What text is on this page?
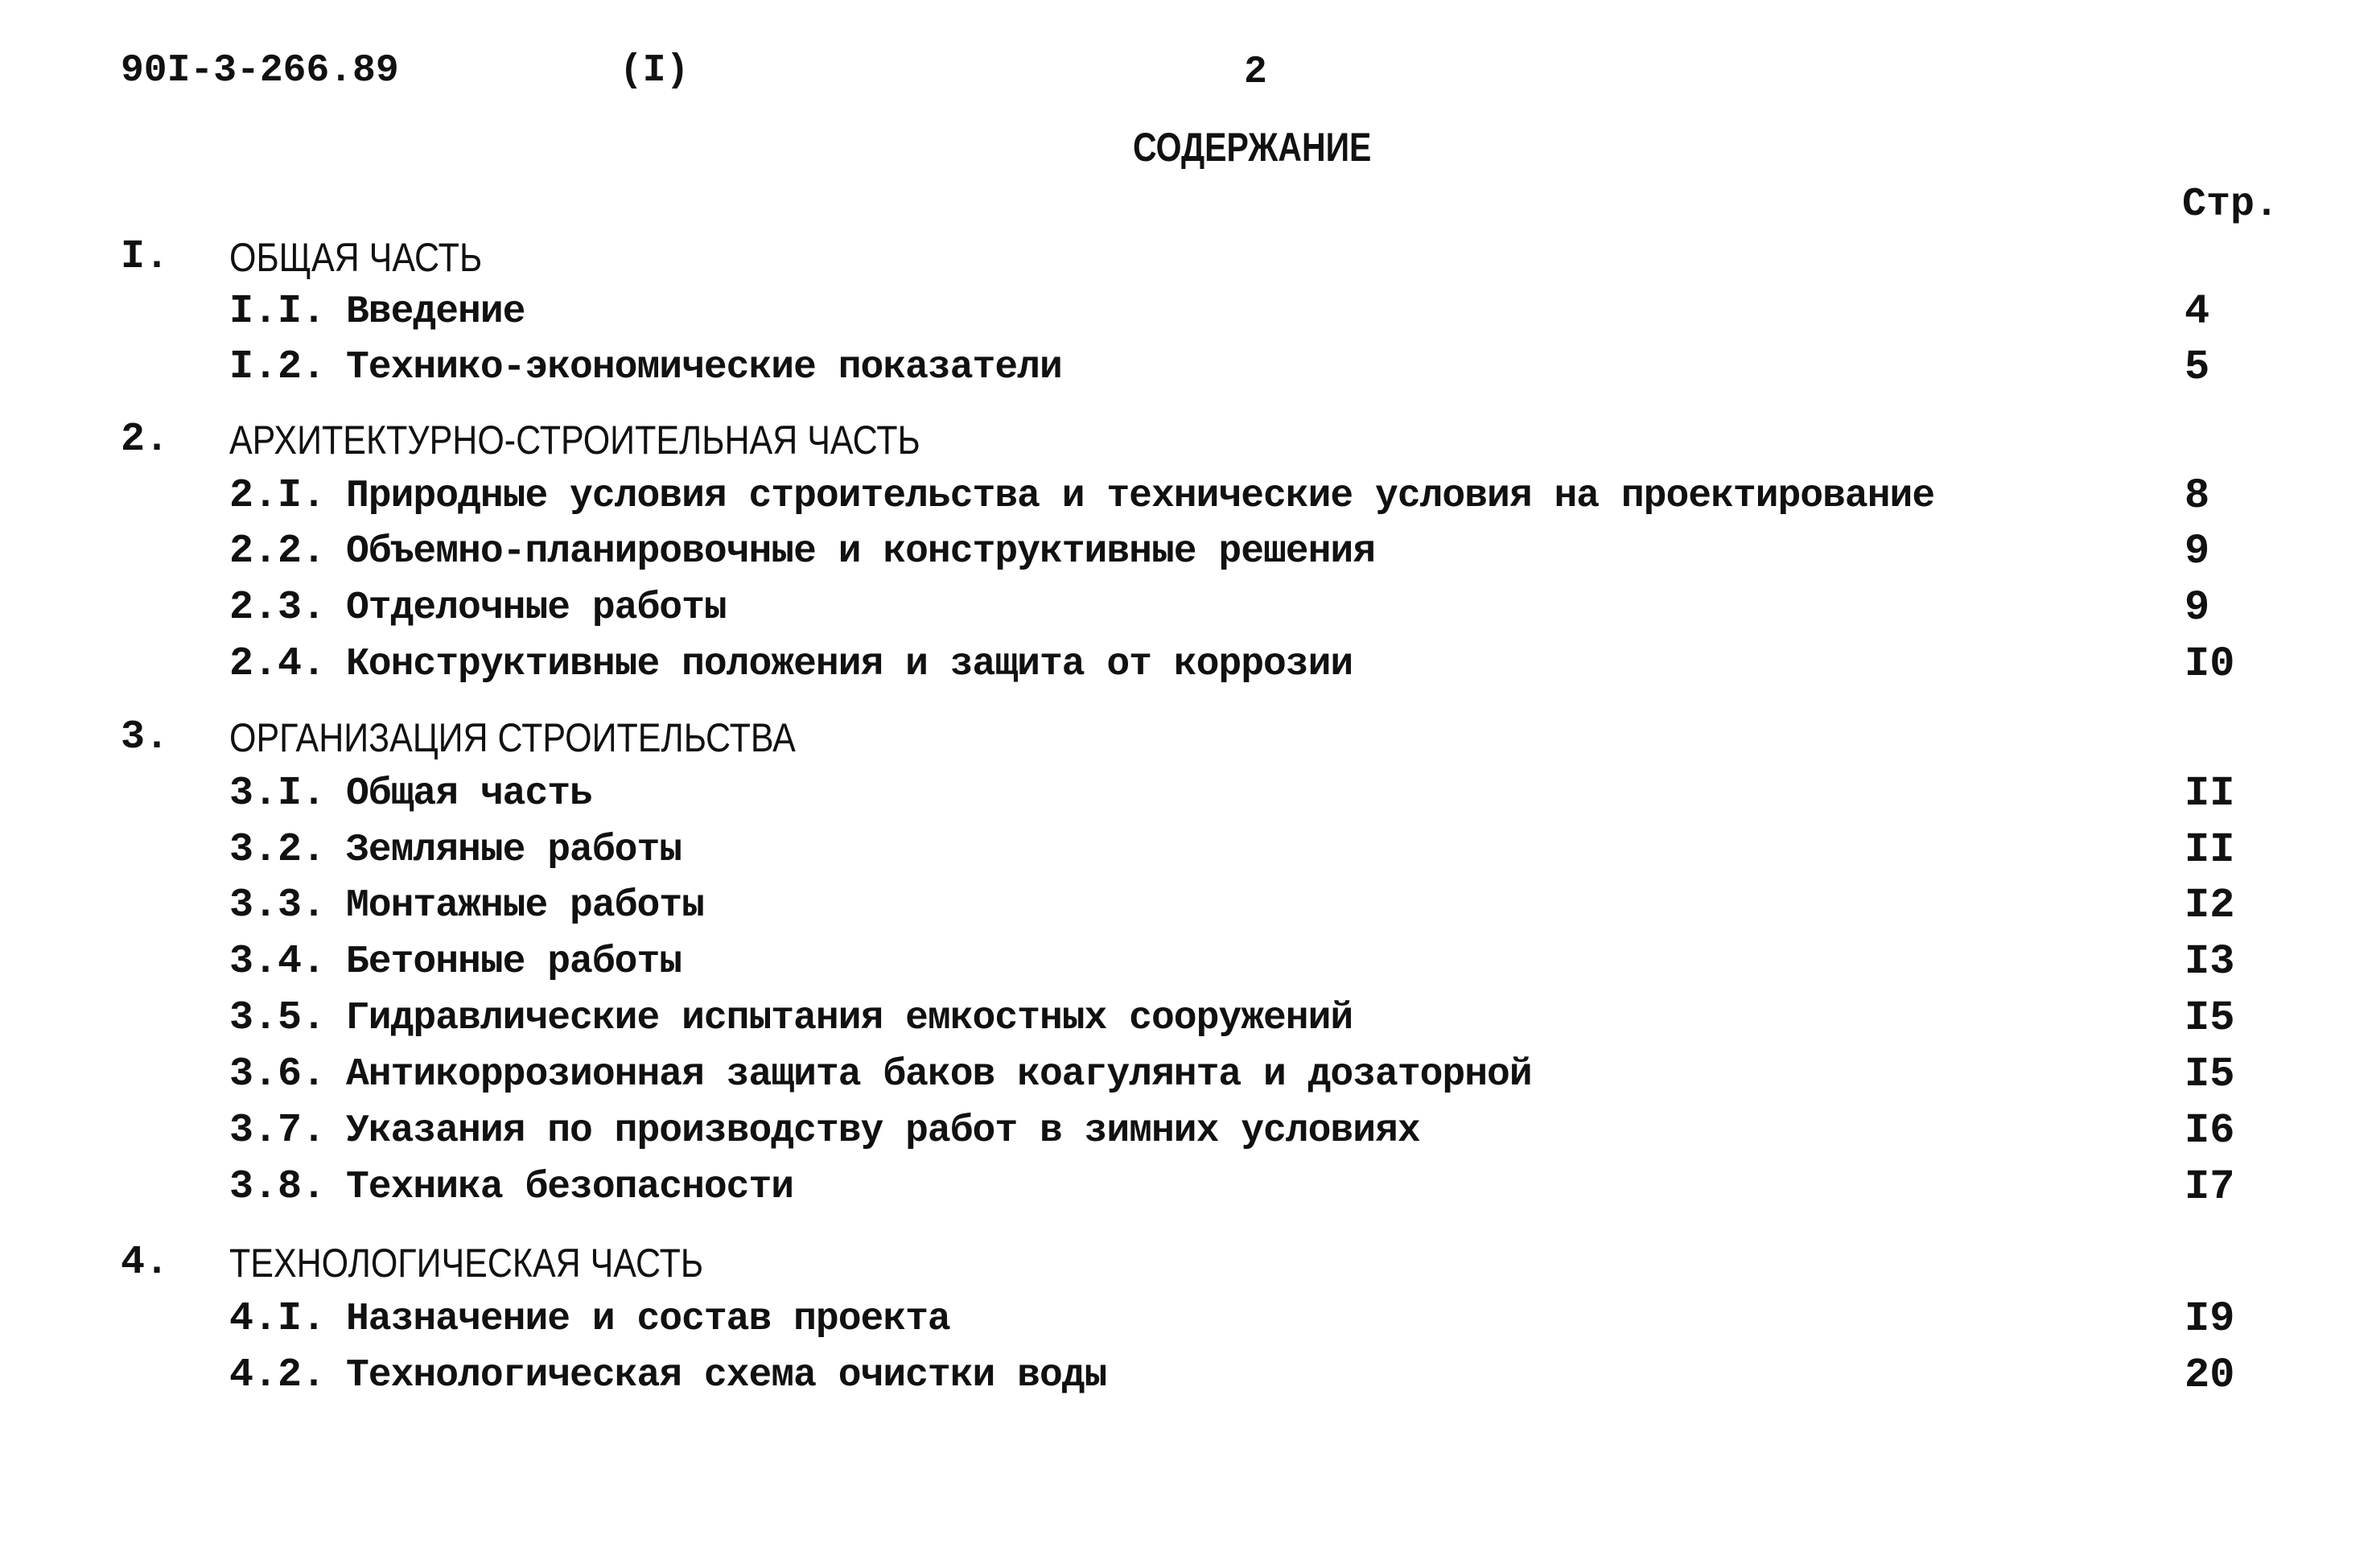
90I-3-266.89	(I)	2
СОДЕРЖАНИЕ
Стр.
I. ОБЩАЯ ЧАСТЬ
I.I. Введение	4
I.2. Технико-экономические показатели	5
2. АРХИТЕКТУРНО-СТРОИТЕЛЬНАЯ ЧАСТЬ
2.I. Природные условия строительства и технические условия на проектирование	8
2.2. Объемно-планировочные и конструктивные решения	9
2.3. Отделочные работы	9
2.4. Конструктивные положения и защита от коррозии	I0
3. ОРГАНИЗАЦИЯ СТРОИТЕЛЬСТВА
3.I. Общая часть	II
3.2. Земляные работы	II
3.3. Монтажные работы	I2
3.4. Бетонные работы	I3
3.5. Гидравлические испытания емкостных сооружений	I5
3.6. Антикоррозионная защита баков коагулянта и дозаторной	I5
3.7. Указания по производству работ в зимних условиях	I6
3.8. Техника безопасности	I7
4. ТЕХНОЛОГИЧЕСКАЯ ЧАСТЬ
4.I. Назначение и состав проекта	I9
4.2. Технологическая схема очистки воды	20
